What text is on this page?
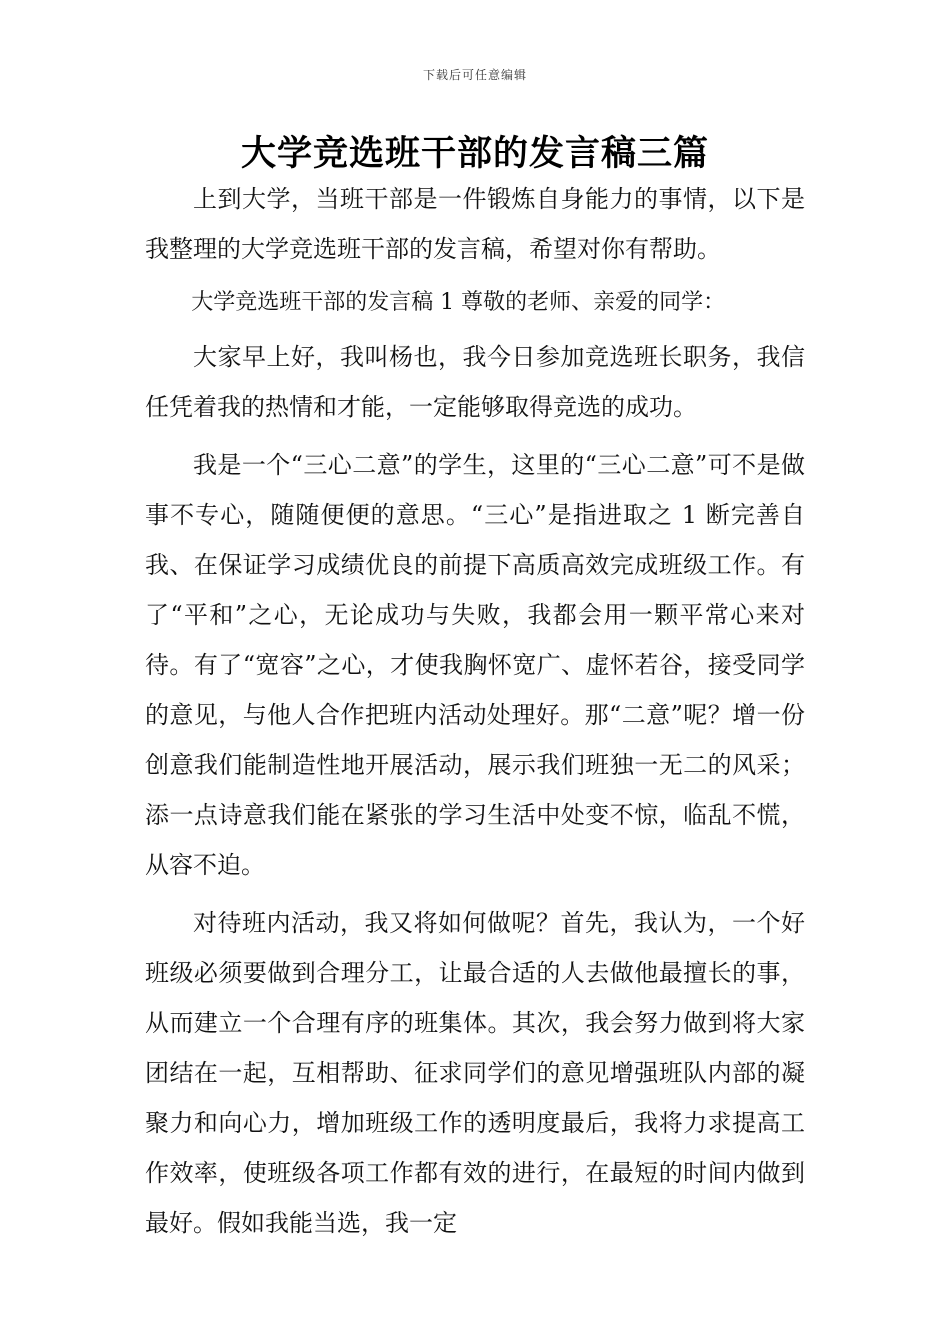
下载后可任意编辑
大学竞选班干部的发言稿三篇

上到大学，当班干部是一件锻炼自身能力的事情，以下是我整理的大学竞选班干部的发言稿，希望对你有帮助。

大学竞选班干部的发言稿 1 尊敬的老师、亲爱的同学：

大家早上好，我叫杨也，我今日参加竞选班长职务，我信任凭着我的热情和才能，一定能够取得竞选的成功。

我是一个“三心二意”的学生，这里的“三心二意”可不是做事不专心，随随便便的意思。“三心”是指进取之 1 断完善自我、在保证学习成绩优良的前提下高质高效完成班级工作。有了“平和”之心，无论成功与失败，我都会用一颗平常心来对待。有了“宽容”之心，才使我胸怀宽广、虚怀若谷，接受同学的意见，与他人合作把班内活动处理好。那“二意”呢？增一份创意我们能制造性地开展活动，展示我们班独一无二的风采；添一点诗意我们能在紧张的学习生活中处变不惊，临乱不慌，从容不迫。

对待班内活动，我又将如何做呢？首先，我认为，一个好班级必须要做到合理分工，让最合适的人去做他最擅长的事，从而建立一个合理有序的班集体。其次，我会努力做到将大家团结在一起，互相帮助、征求同学们的意见增强班队内部的凝聚力和向心力，增加班级工作的透明度最后，我将力求提高工作效率，使班级各项工作都有效的进行，在最短的时间内做到最好。假如我能当选，我一定
